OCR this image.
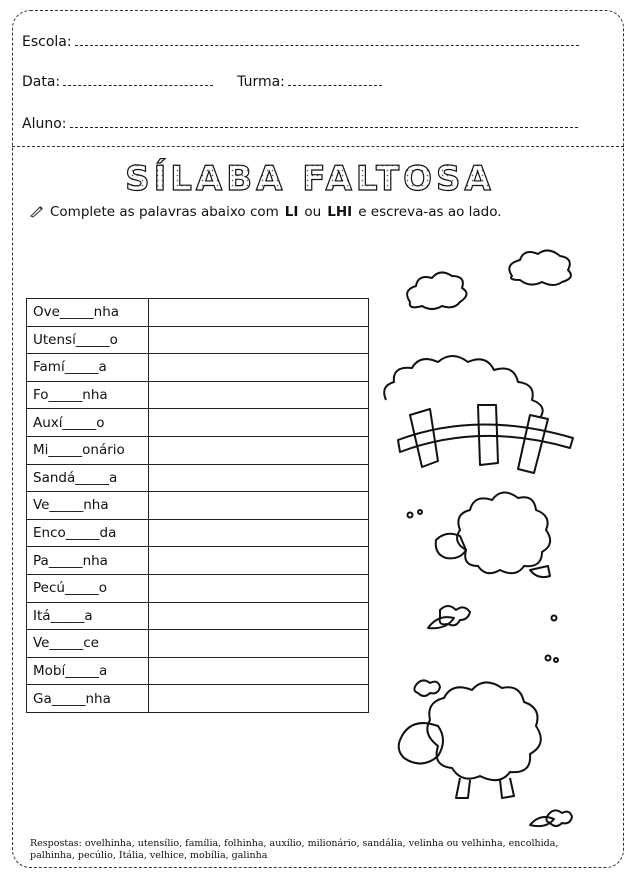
Escola:
Data:	Turma:
Aluno:
SÍLABA FALTOSA
Complete as palavras abaixo com LI ou LHI e escreva-as ao lado.
Ove_____nha	
Utensí_____o	
Famí_____a	
Fo_____nha	
Auxí_____o	
Mi_____onário	
Sandá_____a	
Ve_____nha	
Enco_____da	
Pa_____nha	
Pecú_____o	
Itá_____a	
Ve_____ce	
Mobí_____a	
Ga_____nha	
Respostas: ovelhinha, utensílio, família, folhinha, auxílio, milionário, sandália, velinha ou velhinha, encolhida,
palhinha, pecúlio, Itália, velhice, mobília, galinha
